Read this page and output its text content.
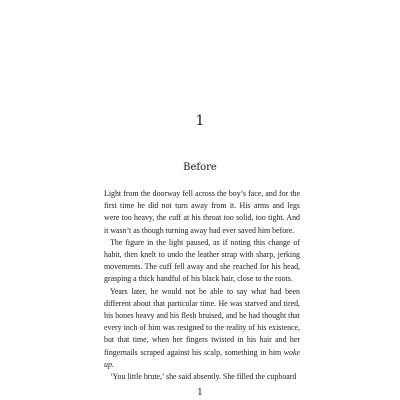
1
Before

Light from the doorway fell across the boy’s face, and for the first time he did not turn away from it. His arms and legs were too heavy, the cuff at his throat too solid, too tight. And it wasn’t as though turning away had ever saved him before.

The figure in the light paused, as if noting this change of habit, then knelt to undo the leather strap with sharp, jerking movements. The cuff fell away and she reached for his head, grasping a thick handful of his black hair, close to the roots.

Years later, he would not be able to say what had been different about that particular time. He was starved and tired, his bones heavy and his flesh bruised, and he had thought that every inch of him was resigned to the reality of his existence, but that time, when her fingers twisted in his hair and her fingernails scraped against his scalp, something in him woke up.

‘You little brute,’ she said absently. She filled the cupboard

1
